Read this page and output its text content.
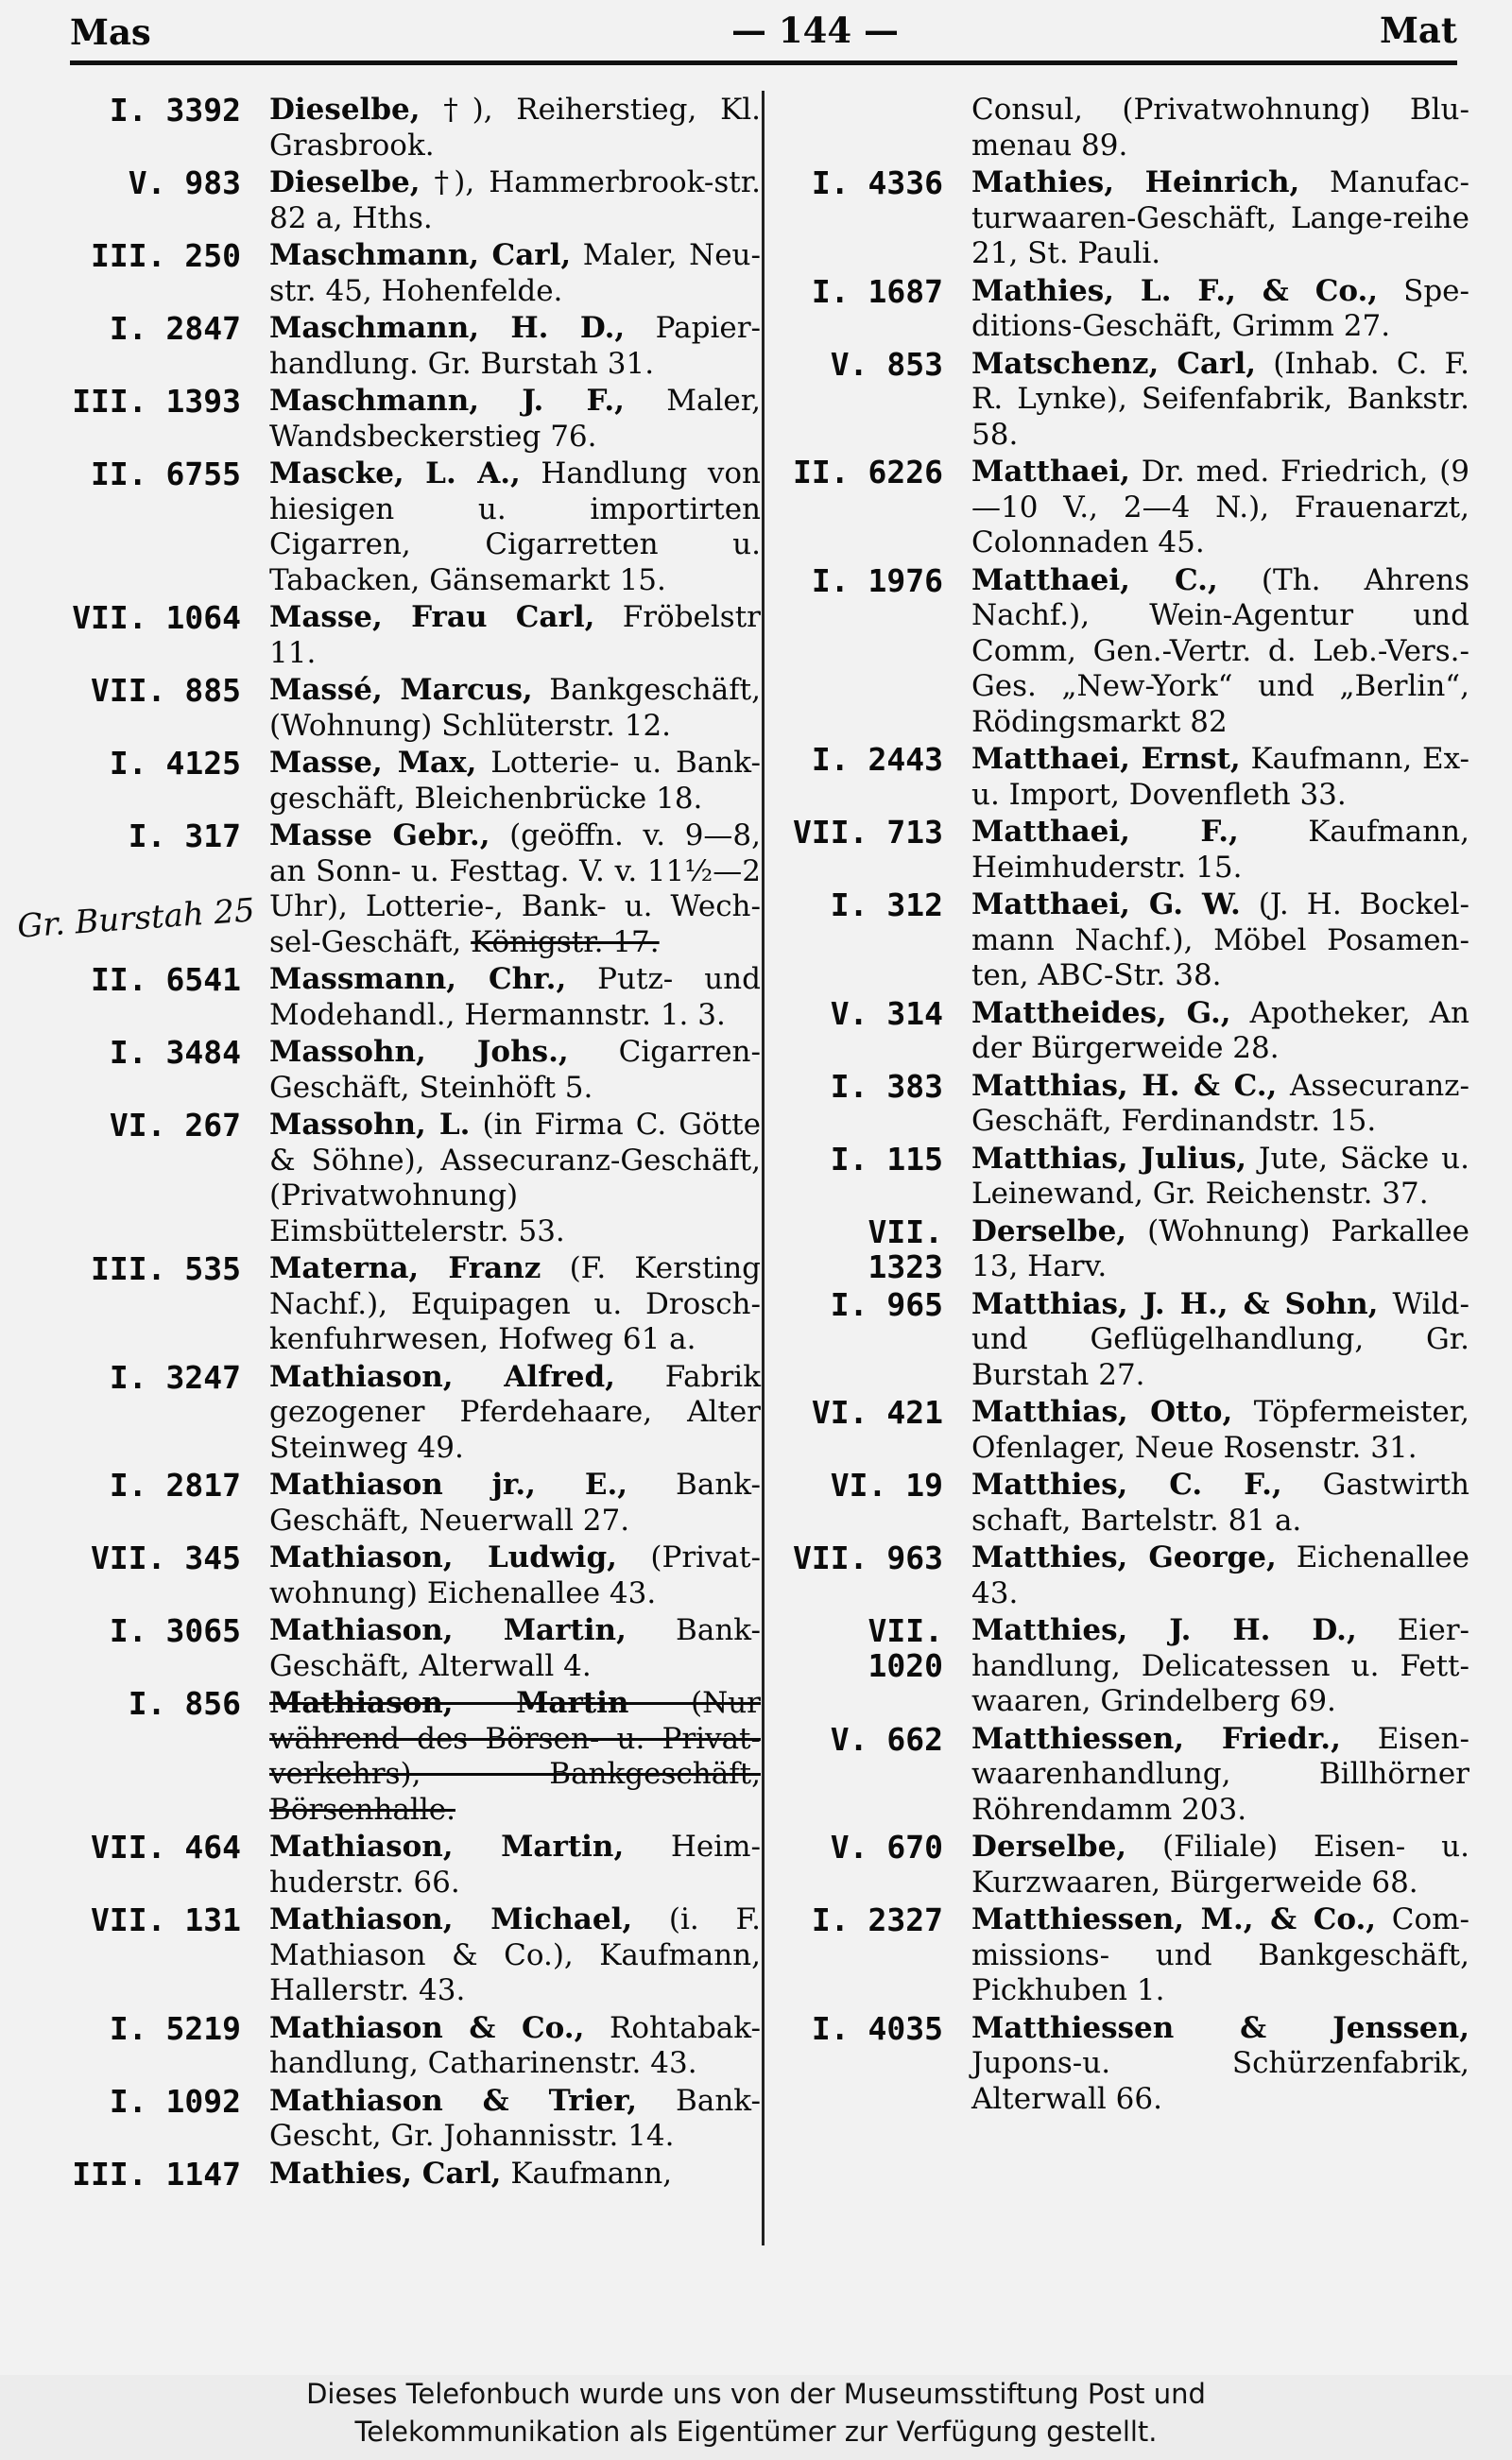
Mas	— 144 —	Mat
Gr. Burstah 25
I. 3392 Dieselbe, †), Reiherstieg, Kl. Grasbrook.
V. 983 Dieselbe, †), Hammerbrook-str. 82 a, Hths.
III. 250 Maschmann, Carl, Maler, Neu-str. 45, Hohenfelde.
I. 2847 Maschmann, H. D., Papier-handlung. Gr. Burstah 31.
III. 1393 Maschmann, J. F., Maler, Wandsbeckerstieg 76.
II. 6755 Mascke, L. A., Handlung von hiesigen u. importirten Cigarren, Cigarretten u. Tabacken, Gänsemarkt 15.
VII. 1064 Masse, Frau Carl, Fröbelstr 11.
VII. 885 Massé, Marcus, Bankgeschäft, (Wohnung) Schlüterstr. 12.
I. 4125 Masse, Max, Lotterie- u. Bank-geschäft, Bleichenbrücke 18.
I. 317 Masse Gebr., (geöffn. v. 9—8, an Sonn- u. Festtag. V. v. 11½—2 Uhr), Lotterie-, Bank- u. Wech-sel-Geschäft, Königstr. 17.
II. 6541 Massmann, Chr., Putz- und Modehandl., Hermannstr. 1. 3.
I. 3484 Massohn, Johs., Cigarren-Geschäft, Steinhöft 5.
VI. 267 Massohn, L. (in Firma C. Götte & Söhne), Assecuranz-Geschäft, (Privatwohnung) Eimsbüttelerstr. 53.
III. 535 Materna, Franz (F. Kersting Nachf.), Equipagen u. Drosch-kenfuhrwesen, Hofweg 61 a.
I. 3247 Mathiason, Alfred, Fabrik gezogener Pferdehaare, Alter Steinweg 49.
I. 2817 Mathiason jr., E., Bank-Geschäft, Neuerwall 27.
VII. 345 Mathiason, Ludwig, (Privat-wohnung) Eichenallee 43.
I. 3065 Mathiason, Martin, Bank-Geschäft, Alterwall 4.
I. 856 Mathiason, Martin (Nur während des Börsen- u. Privat-verkehrs), Bankgeschäft, Börsenhalle.
VII. 464 Mathiason, Martin, Heim-huderstr. 66.
VII. 131 Mathiason, Michael, (i. F. Mathiason & Co.), Kaufmann, Hallerstr. 43.
I. 5219 Mathiason & Co., Rohtabak-handlung, Catharinenstr. 43.
I. 1092 Mathiason & Trier, Bank-Gescht, Gr. Johannisstr. 14.
III. 1147 Mathies, Carl, Kaufmann,
Consul, (Privatwohnung) Blu-menau 89.
I. 4336 Mathies, Heinrich, Manufac-turwaaren-Geschäft, Lange-reihe 21, St. Pauli.
I. 1687 Mathies, L. F., & Co., Spe-ditions-Geschäft, Grimm 27.
V. 853 Matschenz, Carl, (Inhab. C. F. R. Lynke), Seifenfabrik, Bankstr. 58.
II. 6226 Matthaei, Dr. med. Friedrich, (9—10 V., 2—4 N.), Frauenarzt, Colonnaden 45.
I. 1976 Matthaei, C., (Th. Ahrens Nachf.), Wein-Agentur und Comm, Gen.-Vertr. d. Leb.-Vers.-Ges. „New-York“ und „Berlin“, Rödingsmarkt 82
I. 2443 Matthaei, Ernst, Kaufmann, Ex- u. Import, Dovenfleth 33.
VII. 713 Matthaei, F., Kaufmann, Heimhuderstr. 15.
I. 312 Matthaei, G. W. (J. H. Bockel-mann Nachf.), Möbel Posamen-ten, ABC-Str. 38.
V. 314 Mattheides, G., Apotheker, An der Bürgerweide 28.
I. 383 Matthias, H. & C., Assecuranz-Geschäft, Ferdinandstr. 15.
I. 115 Matthias, Julius, Jute, Säcke u. Leinewand, Gr. Reichenstr. 37.
VII. 1323
Derselbe, (Wohnung) Parkallee 13, Harv.
I. 965 Matthias, J. H., & Sohn, Wild- und Geflügelhandlung, Gr. Burstah 27.
VI. 421 Matthias, Otto, Töpfermeister, Ofenlager, Neue Rosenstr. 31.
VI. 19 Matthies, C. F., Gastwirth schaft, Bartelstr. 81 a.
VII. 963 Matthies, George, Eichenallee 43.
VII. 1020
Matthies, J. H. D., Eier-handlung, Delicatessen u. Fett-waaren, Grindelberg 69.
V. 662 Matthiessen, Friedr., Eisen-waarenhandlung, Billhörner Röhrendamm 203.
V. 670 Derselbe, (Filiale) Eisen- u. Kurzwaaren, Bürgerweide 68.
I. 2327 Matthiessen, M., & Co., Com-missions- und Bankgeschäft, Pickhuben 1.
I. 4035 Matthiessen & Jenssen, Jupons-u. Schürzenfabrik, Alterwall 66.
Dieses Telefonbuch wurde uns von der Museumsstiftung Post und
Telekommunikation als Eigentümer zur Verfügung gestellt.
